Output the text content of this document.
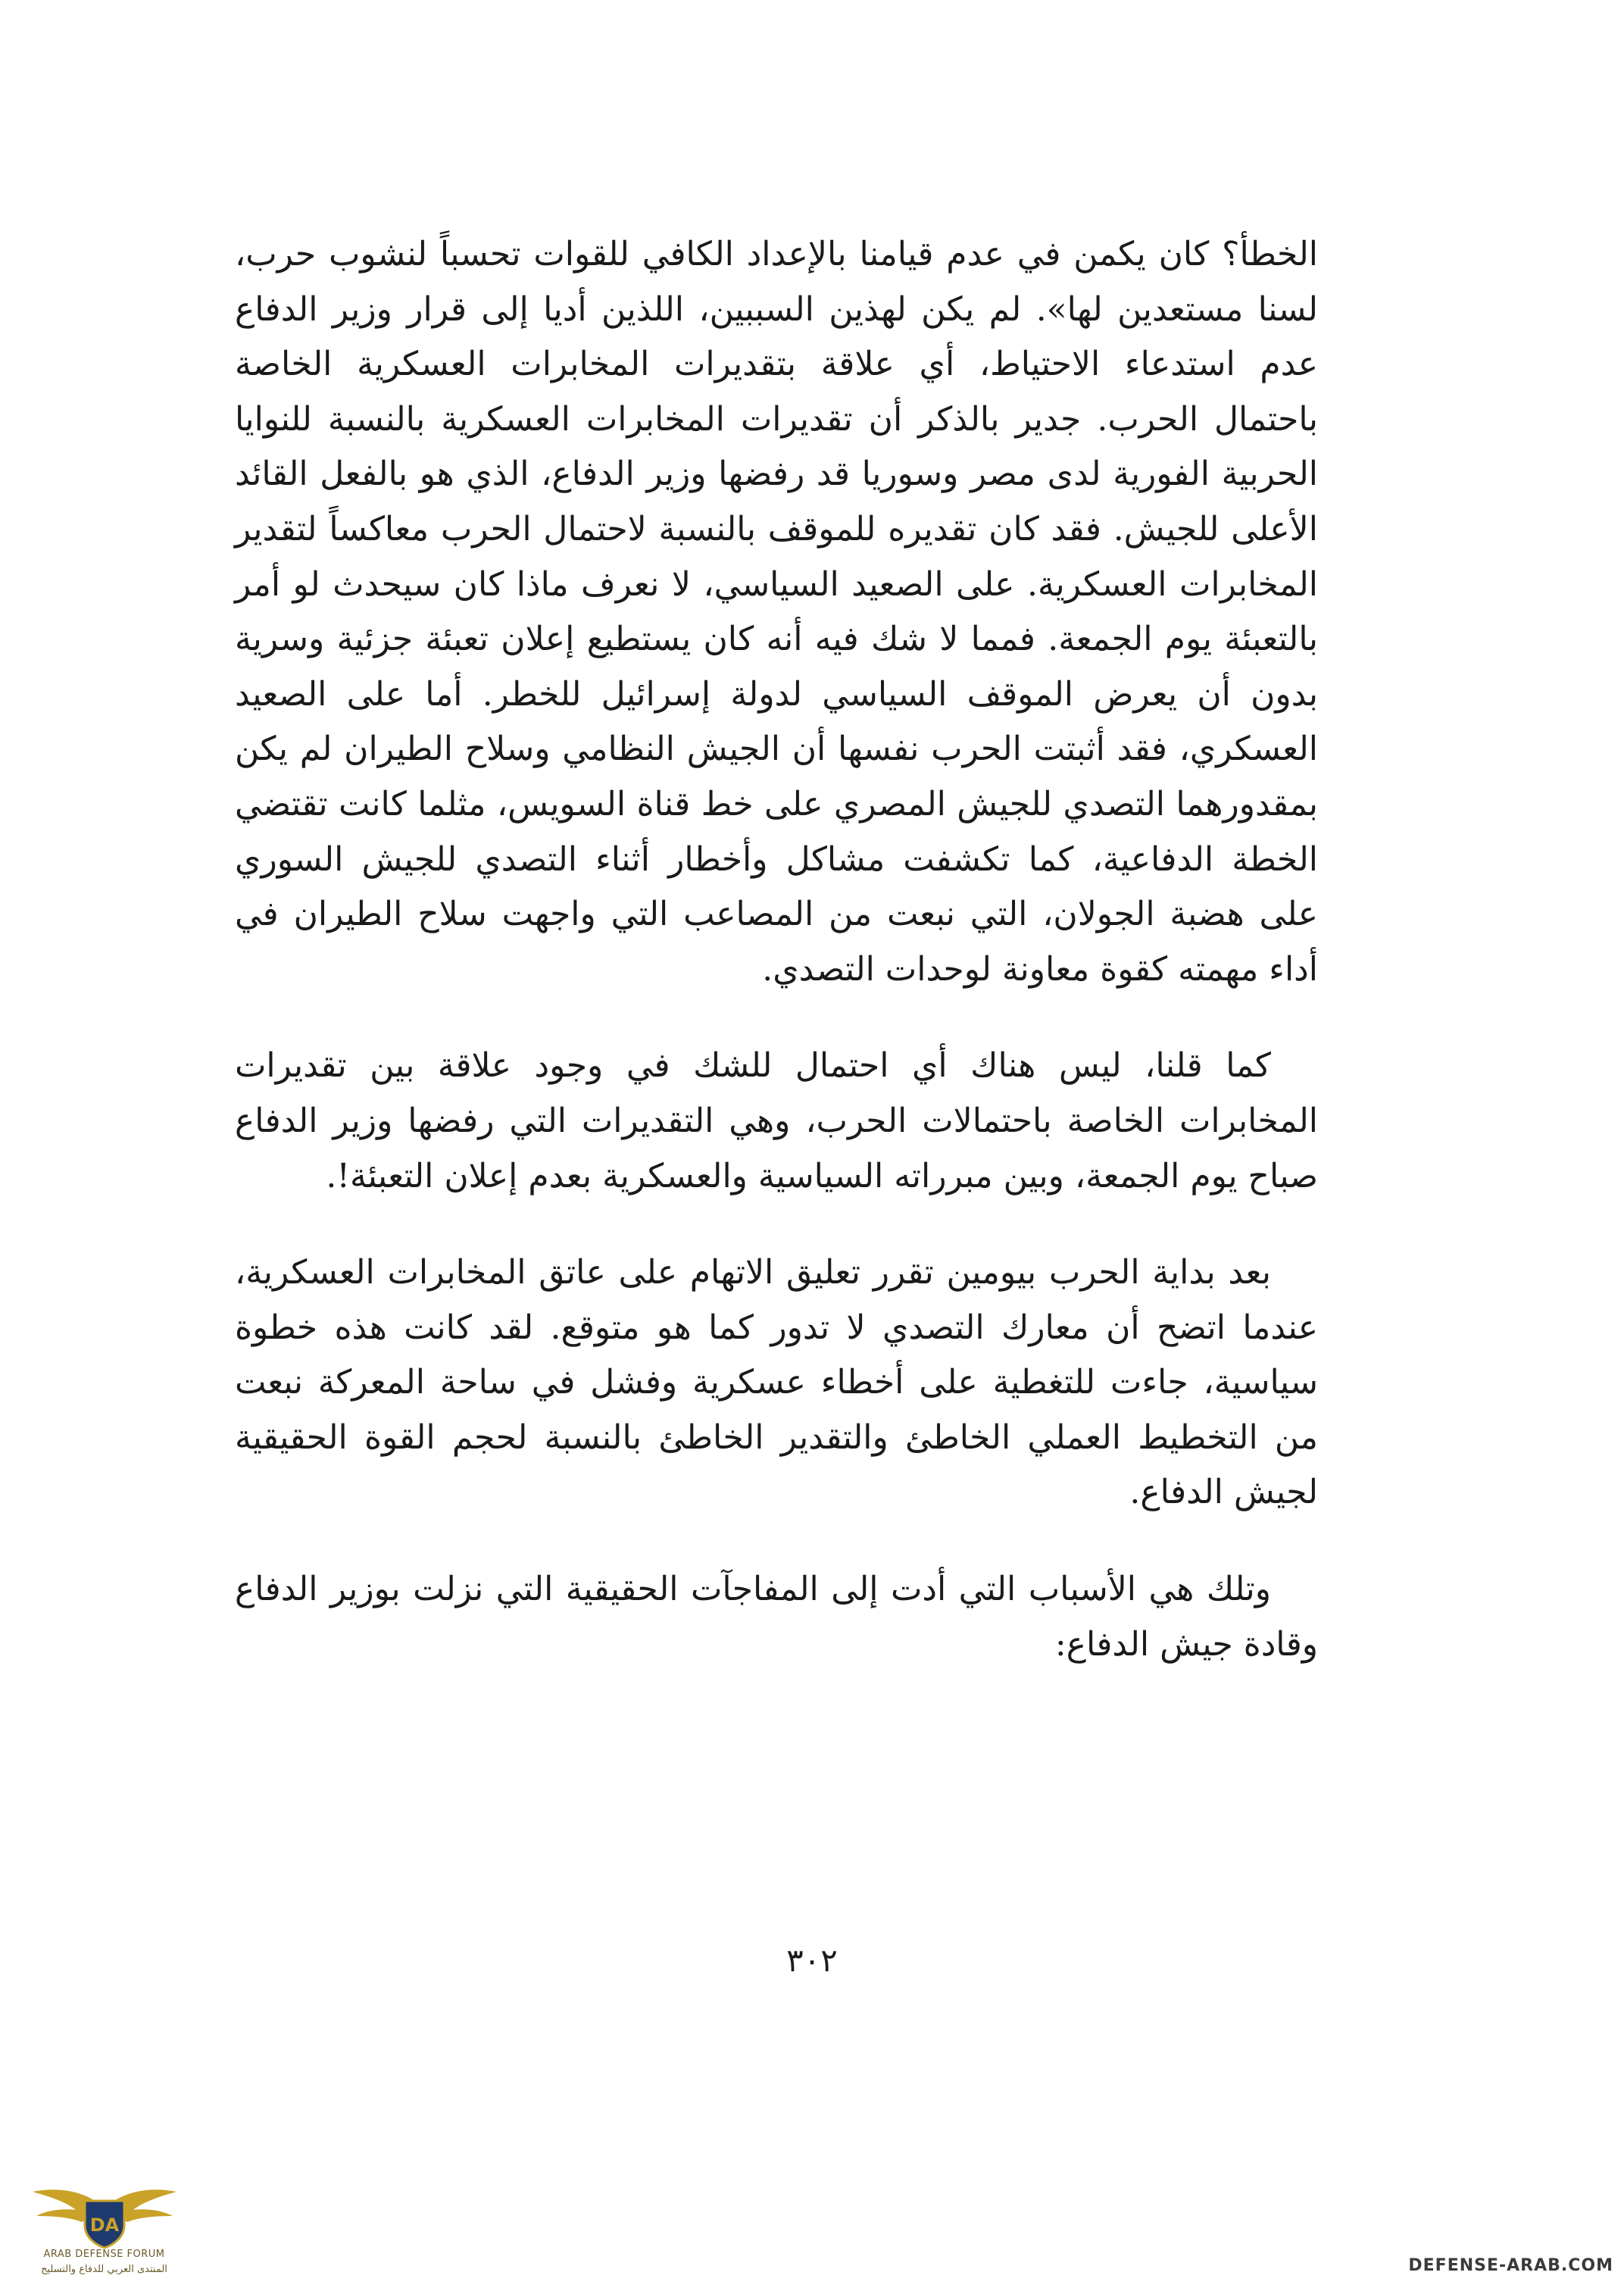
الخطأ؟ كان يكمن في عدم قيامنا بالإعداد الكافي للقوات تحسباً لنشوب حرب، لسنا مستعدين لها». لم يكن لهذين السببين، اللذين أديا إلى قرار وزير الدفاع عدم استدعاء الاحتياط، أي علاقة بتقديرات المخابرات العسكرية الخاصة باحتمال الحرب. جدير بالذكر أن تقديرات المخابرات العسكرية بالنسبة للنوايا الحربية الفورية لدى مصر وسوريا قد رفضها وزير الدفاع، الذي هو بالفعل القائد الأعلى للجيش. فقد كان تقديره للموقف بالنسبة لاحتمال الحرب معاكساً لتقدير المخابرات العسكرية. على الصعيد السياسي، لا نعرف ماذا كان سيحدث لو أمر بالتعبئة يوم الجمعة. فمما لا شك فيه أنه كان يستطيع إعلان تعبئة جزئية وسرية بدون أن يعرض الموقف السياسي لدولة إسرائيل للخطر. أما على الصعيد العسكري، فقد أثبتت الحرب نفسها أن الجيش النظامي وسلاح الطيران لم يكن بمقدورهما التصدي للجيش المصري على خط قناة السويس، مثلما كانت تقتضي الخطة الدفاعية، كما تكشفت مشاكل وأخطار أثناء التصدي للجيش السوري على هضبة الجولان، التي نبعت من المصاعب التي واجهت سلاح الطيران في أداء مهمته كقوة معاونة لوحدات التصدي.

كما قلنا، ليس هناك أي احتمال للشك في وجود علاقة بين تقديرات المخابرات الخاصة باحتمالات الحرب، وهي التقديرات التي رفضها وزير الدفاع صباح يوم الجمعة، وبين مبرراته السياسية والعسكرية بعدم إعلان التعبئة!.

بعد بداية الحرب بيومين تقرر تعليق الاتهام على عاتق المخابرات العسكرية، عندما اتضح أن معارك التصدي لا تدور كما هو متوقع. لقد كانت هذه خطوة سياسية، جاءت للتغطية على أخطاء عسكرية وفشل في ساحة المعركة نبعت من التخطيط العملي الخاطئ والتقدير الخاطئ بالنسبة لحجم القوة الحقيقية لجيش الدفاع.

وتلك هي الأسباب التي أدت إلى المفاجآت الحقيقية التي نزلت بوزير الدفاع وقادة جيش الدفاع:

٣٠٢
DA
ARAB DEFENSE FORUM
المنتدى العربي للدفاع والتسليح	DEFENSE-ARAB.COM
